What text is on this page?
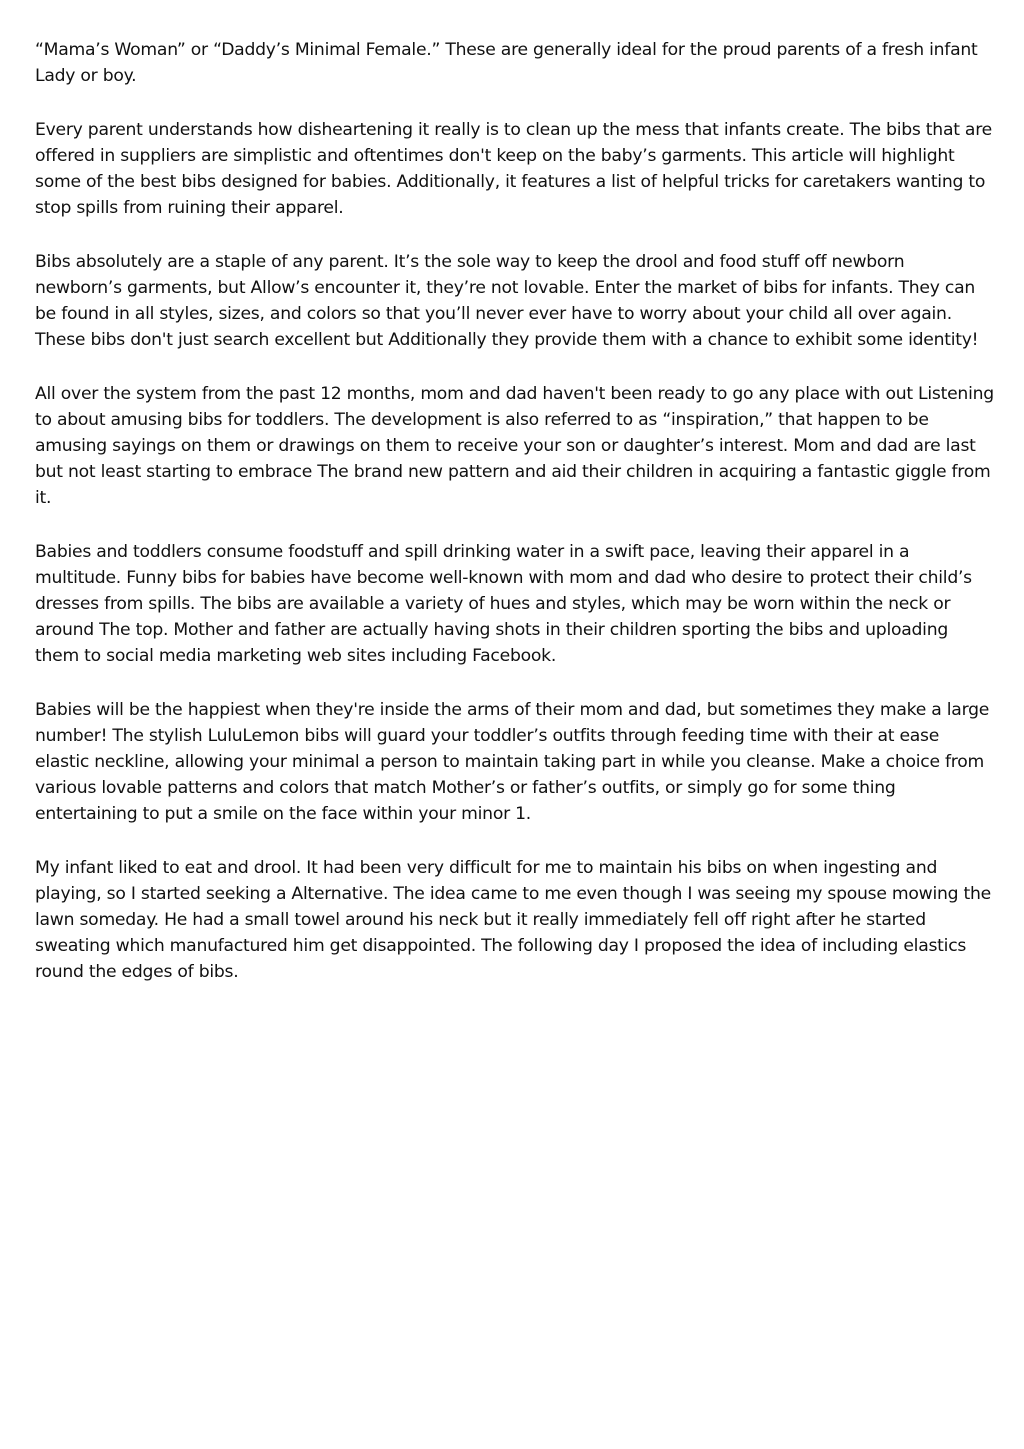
“Mama’s Woman” or “Daddy’s Minimal Female.” These are generally ideal for the proud parents of a fresh infant Lady or boy.

Every parent understands how disheartening it really is to clean up the mess that infants create. The bibs that are offered in suppliers are simplistic and oftentimes don't keep on the baby’s garments. This article will highlight some of the best bibs designed for babies. Additionally, it features a list of helpful tricks for caretakers wanting to stop spills from ruining their apparel.

Bibs absolutely are a staple of any parent. It’s the sole way to keep the drool and food stuff off newborn newborn’s garments, but Allow’s encounter it, they’re not lovable. Enter the market of bibs for infants. They can be found in all styles, sizes, and colors so that you’ll never ever have to worry about your child all over again. These bibs don't just search excellent but Additionally they provide them with a chance to exhibit some identity!

All over the system from the past 12 months, mom and dad haven't been ready to go any place with out Listening to about amusing bibs for toddlers. The development is also referred to as “inspiration,” that happen to be amusing sayings on them or drawings on them to receive your son or daughter’s interest. Mom and dad are last but not least starting to embrace The brand new pattern and aid their children in acquiring a fantastic giggle from it.

Babies and toddlers consume foodstuff and spill drinking water in a swift pace, leaving their apparel in a multitude. Funny bibs for babies have become well-known with mom and dad who desire to protect their child’s dresses from spills. The bibs are available a variety of hues and styles, which may be worn within the neck or around The top. Mother and father are actually having shots in their children sporting the bibs and uploading them to social media marketing web sites including Facebook.

Babies will be the happiest when they're inside the arms of their mom and dad, but sometimes they make a large number! The stylish LuluLemon bibs will guard your toddler’s outfits through feeding time with their at ease elastic neckline, allowing your minimal a person to maintain taking part in while you cleanse. Make a choice from various lovable patterns and colors that match Mother’s or father’s outfits, or simply go for some thing entertaining to put a smile on the face within your minor 1.

My infant liked to eat and drool. It had been very difficult for me to maintain his bibs on when ingesting and playing, so I started seeking a Alternative. The idea came to me even though I was seeing my spouse mowing the lawn someday. He had a small towel around his neck but it really immediately fell off right after he started sweating which manufactured him get disappointed. The following day I proposed the idea of including elastics round the edges of bibs.
